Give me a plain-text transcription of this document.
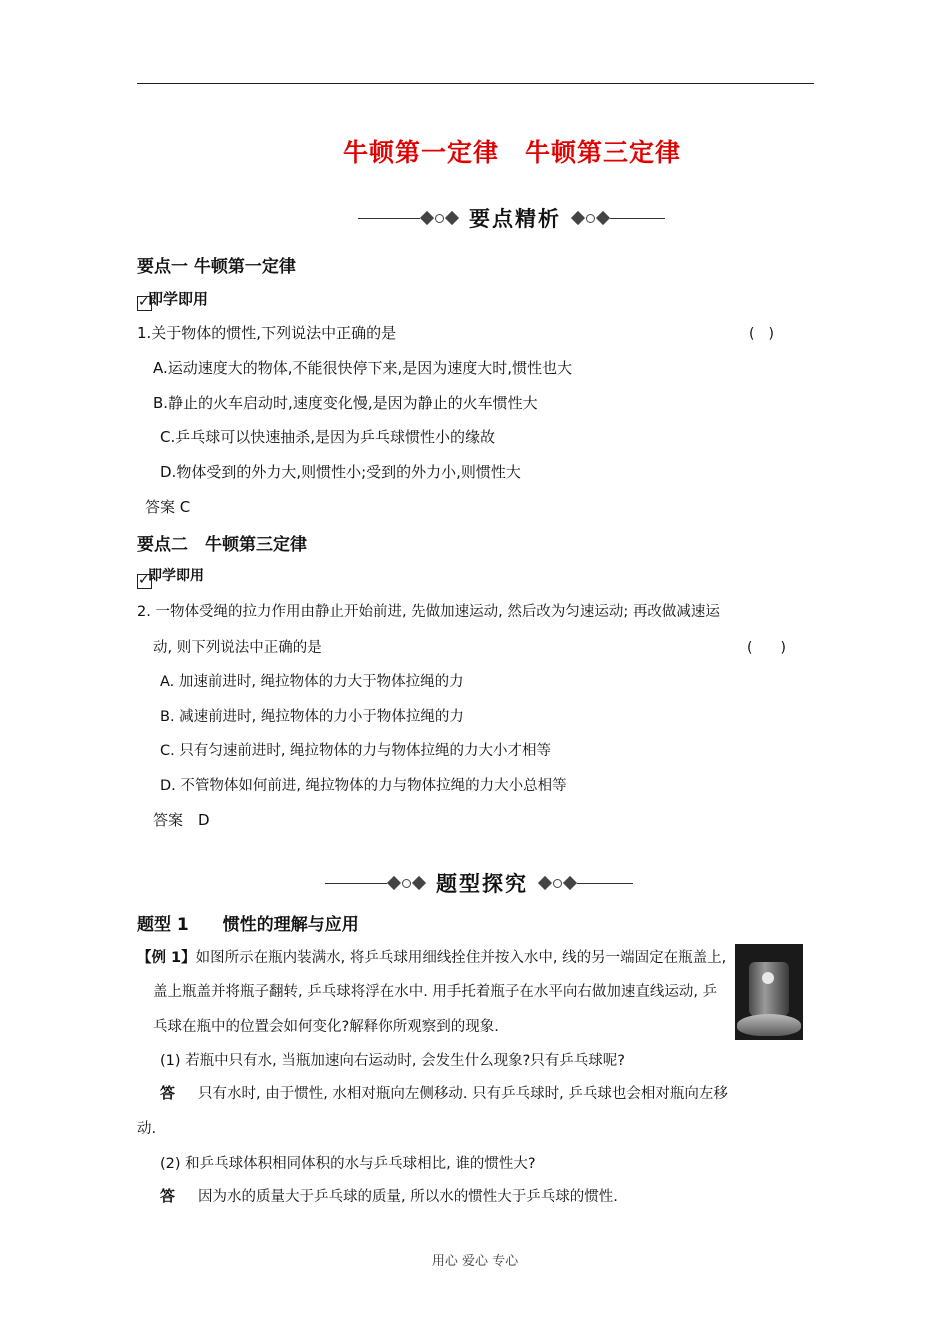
牛顿第一定律　牛顿第三定律
要点精析
要点一 牛顿第一定律
✓
即学即用
1.关于物体的惯性,下列说法中正确的是	(　)
A.运动速度大的物体,不能很快停下来,是因为速度大时,惯性也大
B.静止的火车启动时,速度变化慢,是因为静止的火车惯性大
C.乒乓球可以快速抽杀,是因为乒乓球惯性小的缘故
D.物体受到的外力大,则惯性小;受到的外力小,则惯性大
答案 C
要点二　牛顿第三定律
✓
即学即用
2. 一物体受绳的拉力作用由静止开始前进, 先做加速运动, 然后改为匀速运动; 再改做减速运
动, 则下列说法中正确的是	(　　)
A. 加速前进时, 绳拉物体的力大于物体拉绳的力
B. 减速前进时, 绳拉物体的力小于物体拉绳的力
C. 只有匀速前进时, 绳拉物体的力与物体拉绳的力大小才相等
D. 不管物体如何前进, 绳拉物体的力与物体拉绳的力大小总相等
答案　D
题型探究
题型 1　　惯性的理解与应用
【例 1】如图所示在瓶内装满水, 将乒乓球用细线拴住并按入水中, 线的另一端固定在瓶盖上,
盖上瓶盖并将瓶子翻转, 乒乓球将浮在水中. 用手托着瓶子在水平向右做加速直线运动, 乒
乓球在瓶中的位置会如何变化?解释你所观察到的现象.
(1) 若瓶中只有水, 当瓶加速向右运动时, 会发生什么现象?只有乒乓球呢?
答 只有水时, 由于惯性, 水相对瓶向左侧移动. 只有乒乓球时, 乒乓球也会相对瓶向左移
动.
(2) 和乒乓球体积相同体积的水与乒乓球相比, 谁的惯性大?
答 因为水的质量大于乒乓球的质量, 所以水的惯性大于乒乓球的惯性.
用心 爱心 专心
